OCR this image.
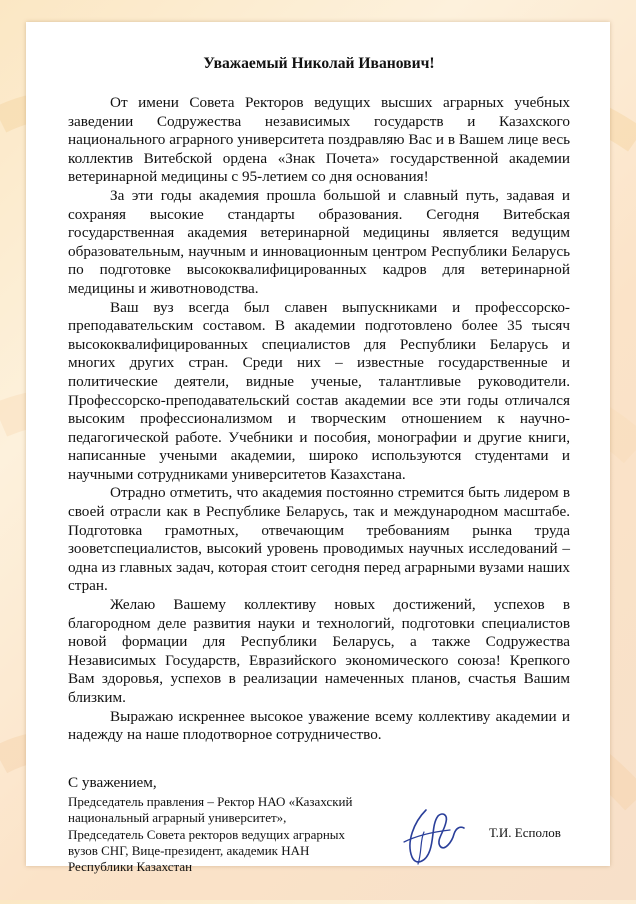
Уважаемый Николай Иванович!

От имени Совета Ректоров ведущих высших аграрных учебных заведении Содружества независимых государств и Казахского национального аграрного университета поздравляю Вас и в Вашем лице весь коллектив Витебской ордена «Знак Почета» государственной академии ветеринарной медицины с 95-летием со дня основания!

За эти годы академия прошла большой и славный путь, задавая и сохраняя высокие стандарты образования. Сегодня Витебская государственная академия ветеринарной медицины является ведущим образовательным, научным и инновационным центром Республики Беларусь по подготовке высококвалифицированных кадров для ветеринарной медицины и животноводства.

Ваш вуз всегда был славен выпускниками и профессорско-преподавательским составом. В академии подготовлено более 35 тысяч высококвалифицированных специалистов для Республики Беларусь и многих других стран. Среди них – известные государственные и политические деятели, видные ученые, талантливые руководители. Профессорско-преподавательский состав академии все эти годы отличался высоким профессионализмом и творческим отношением к научно-педагогической работе. Учебники и пособия, монографии и другие книги, написанные учеными академии, широко используются студентами и научными сотрудниками университетов Казахстана.

Отрадно отметить, что академия постоянно стремится быть лидером в своей отрасли как в Республике Беларусь, так и международном масштабе. Подготовка грамотных, отвечающим требованиям рынка труда зооветспециалистов, высокий уровень проводимых научных исследований – одна из главных задач, которая стоит сегодня перед аграрными вузами наших стран.

Желаю Вашему коллективу новых достижений, успехов в благородном деле развития науки и технологий, подготовки специалистов новой формации для Республики Беларусь, а также Содружества Независимых Государств, Евразийского экономического союза! Крепкого Вам здоровья, успехов в реализации намеченных планов, счастья Вашим близким.

Выражаю искреннее высокое уважение всему коллективу академии и надежду на наше плодотворное сотрудничество.

С уважением,
Председатель правления – Ректор НАО «Казахский
национальный аграрный университет»,
Председатель Совета ректоров ведущих аграрных
вузов СНГ, Вице-президент, академик НАН
Республики Казахстан
Т.И. Есполов
